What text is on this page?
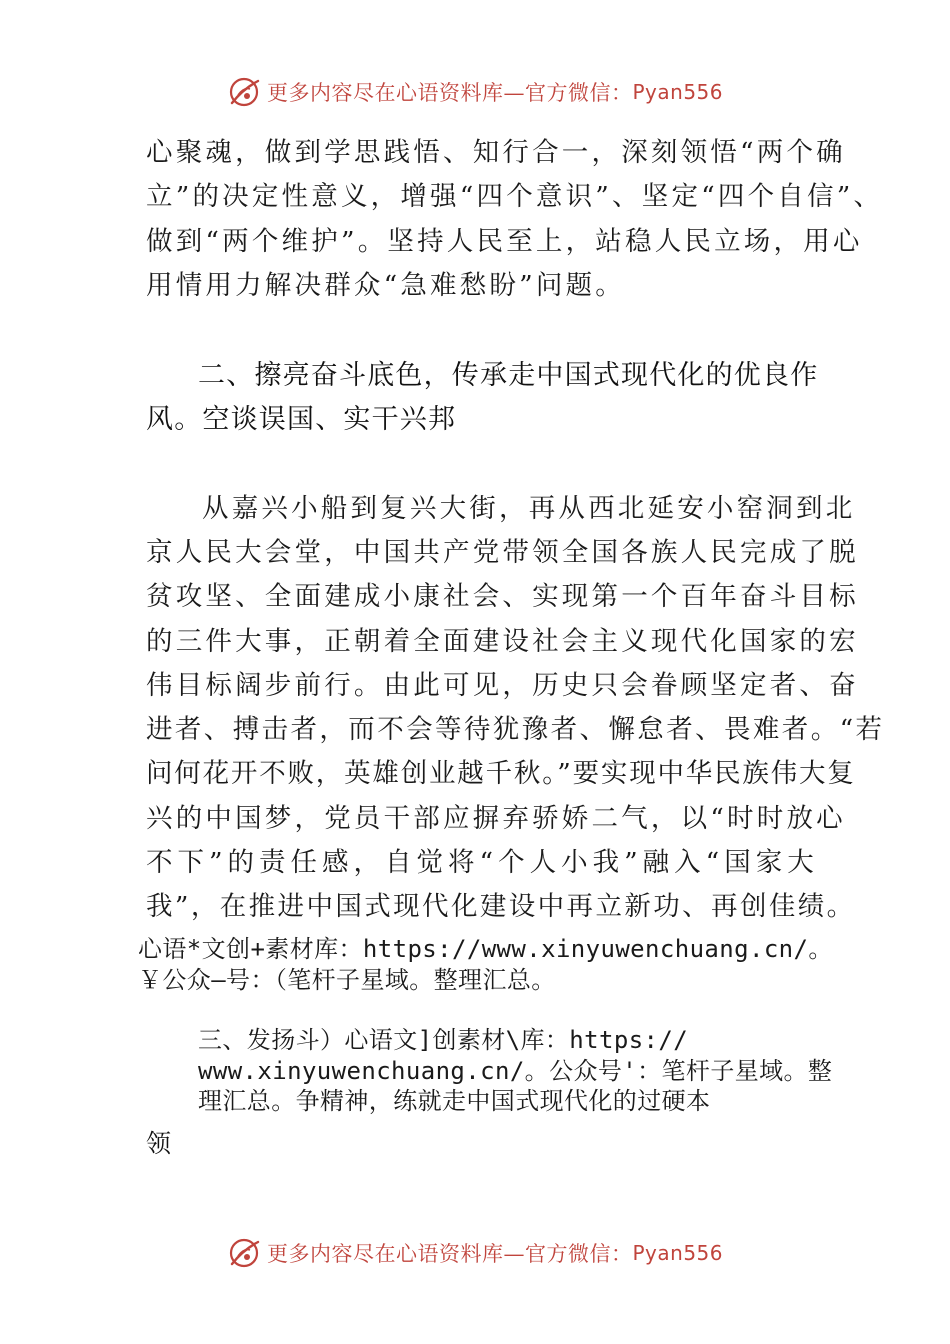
更多内容尽在心语资料库—官方微信： Pyan556
心聚魂，做到学思践悟、知行合一，深刻领悟“两个确
立”的决定性意义，增强“四个意识”、坚定“四个自信”、
做到“两个维护”。坚持人民至上，站稳人民立场，用心
用情用力解决群众“急难愁盼”问题。
二、擦亮奋斗底色，传承走中国式现代化的优良作
风。空谈误国、实干兴邦
从嘉兴小船到复兴大街，再从西北延安小窑洞到北
京人民大会堂，中国共产党带领全国各族人民完成了脱
贫攻坚、全面建成小康社会、实现第一个百年奋斗目标
的三件大事，正朝着全面建设社会主义现代化国家的宏
伟目标阔步前行。由此可见，历史只会眷顾坚定者、奋
进者、搏击者，而不会等待犹豫者、懈怠者、畏难者。“若
问何花开不败，英雄创业越千秋。”要实现中华民族伟大复
兴的中国梦，党员干部应摒弃骄娇二气，以“时时放心
不下”的责任感，自觉将“个人小我”融入“国家大
我”，在推进中国式现代化建设中再立新功、再创佳绩。
心语*文创+素材库：https://www.xinyuwenchuang.cn/。
￥公众—号：（笔杆子星域。整理汇总。
三、发扬斗）心语文]创素材\库：https://
www.xinyuwenchuang.cn/。公众号'：笔杆子星域。整
理汇总。争精神，练就走中国式现代化的过硬本
领
更多内容尽在心语资料库—官方微信： Pyan556
